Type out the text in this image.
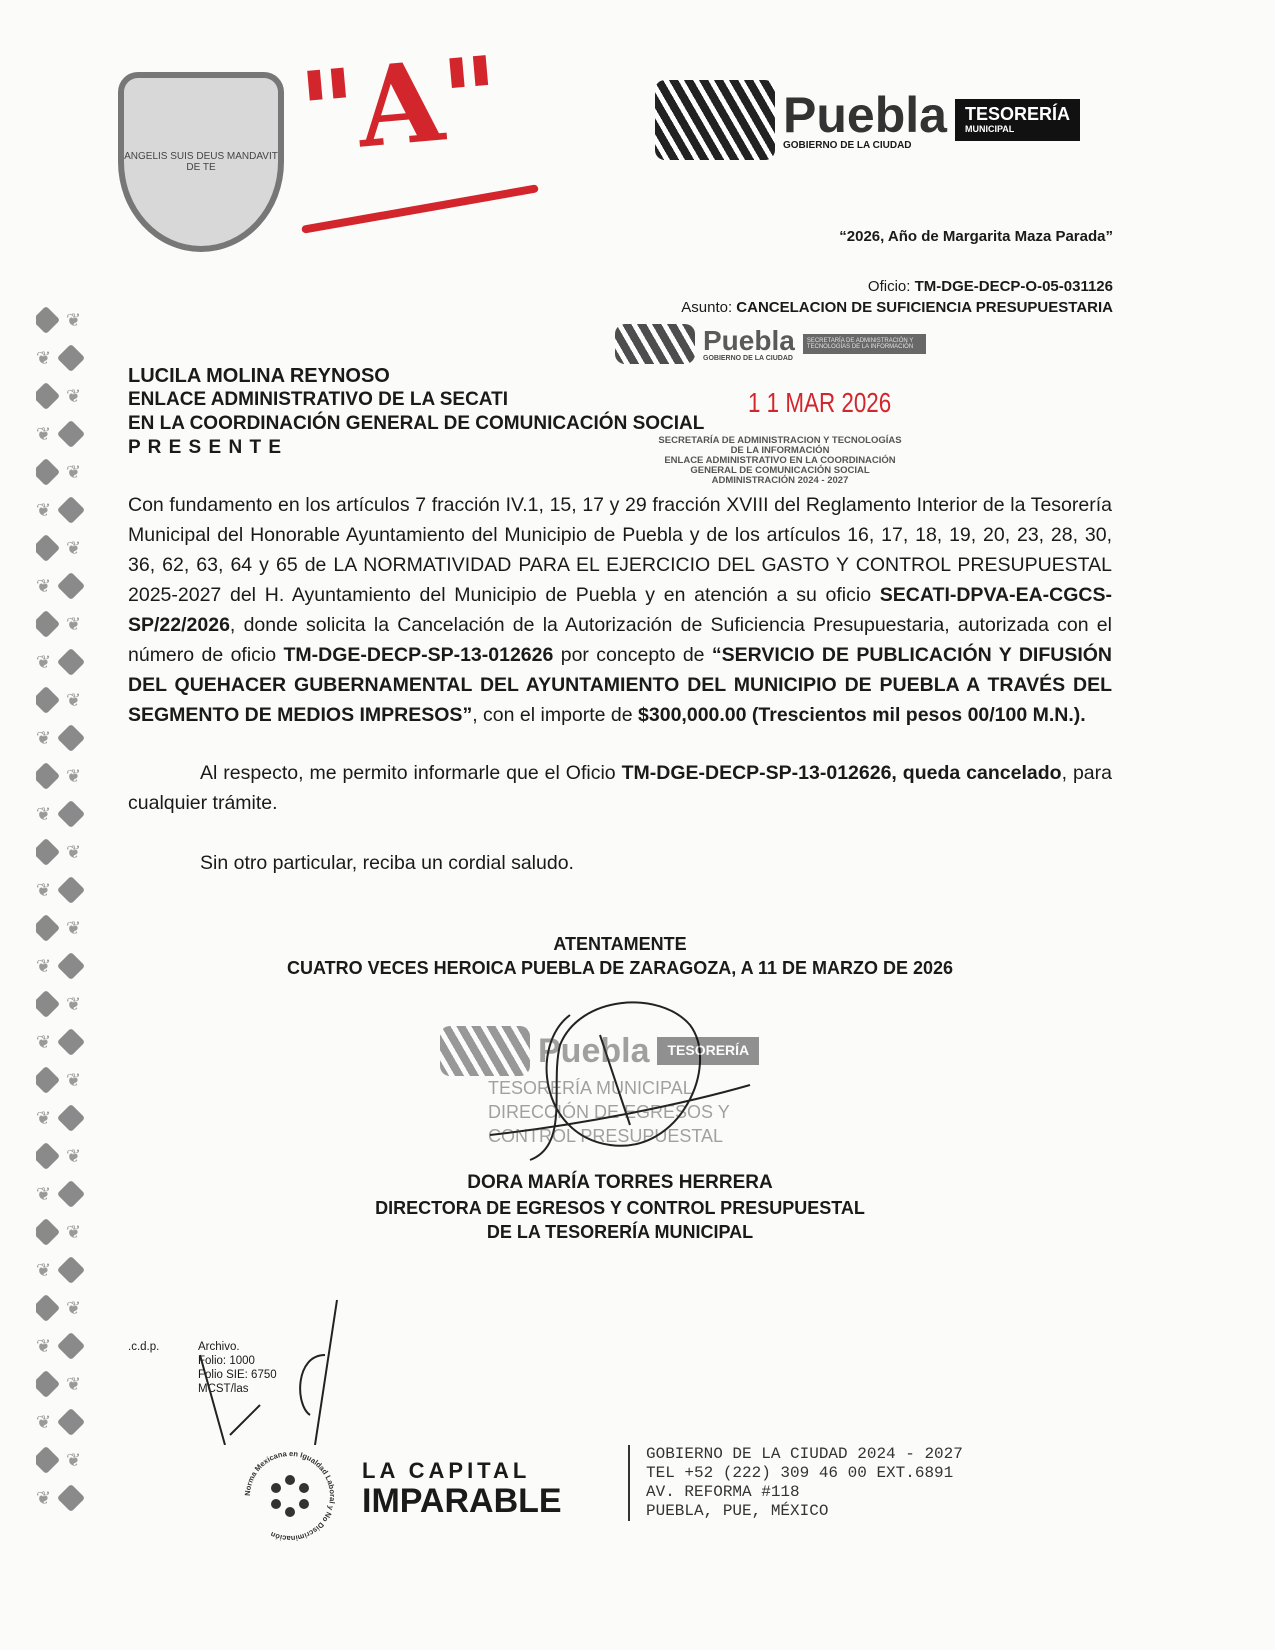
❦
❦
❦
❦
❦
❦
❦
❦
❦
❦
❦
❦
❦
❦
❦
❦
❦
❦
❦
❦
❦
❦
❦
❦
❦
❦
❦
❦
❦
❦
❦
❦
ANGELIS SUIS DEUS MANDAVIT DE TE "A"	Puebla
GOBIERNO DE LA CIUDAD
TESORERÍA
MUNICIPAL
“2026, Año de Margarita Maza Parada”
Oficio: TM-DGE-DECP-O-05-031126
Asunto: CANCELACION DE SUFICIENCIA PRESUPUESTARIA
Puebla
GOBIERNO DE LA CIUDAD
SECRETARÍA DE ADMINISTRACIÓN Y TECNOLOGÍAS DE LA INFORMACIÓN
LUCILA MOLINA REYNOSO
ENLACE ADMINISTRATIVO DE LA SECATI
EN LA COORDINACIÓN GENERAL DE COMUNICACIÓN SOCIAL
P R E S E N T E
1 1 MAR 2026
SECRETARÍA DE ADMINISTRACION Y TECNOLOGÍAS
DE LA INFORMACIÓN
ENLACE ADMINISTRATIVO EN LA COORDINACIÓN
GENERAL DE COMUNICACIÓN SOCIAL
ADMINISTRACIÓN 2024 - 2027

Con fundamento en los artículos 7 fracción IV.1, 15, 17 y 29 fracción XVIII del Reglamento Interior de la Tesorería Municipal del Honorable Ayuntamiento del Municipio de Puebla y de los artículos 16, 17, 18, 19, 20, 23, 28, 30, 36, 62, 63, 64 y 65 de LA NORMATIVIDAD PARA EL EJERCICIO DEL GASTO Y CONTROL PRESUPUESTAL 2025-2027 del H. Ayuntamiento del Municipio de Puebla y en atención a su oficio SECATI-DPVA-EA-CGCS-SP/22/2026, donde solicita la Cancelación de la Autorización de Suficiencia Presupuestaria, autorizada con el número de oficio TM-DGE-DECP-SP-13-012626 por concepto de “SERVICIO DE PUBLICACIÓN Y DIFUSIÓN DEL QUEHACER GUBERNAMENTAL DEL AYUNTAMIENTO DEL MUNICIPIO DE PUEBLA A TRAVÉS DEL SEGMENTO DE MEDIOS IMPRESOS”, con el importe de $300,000.00 (Trescientos mil pesos 00/100 M.N.).

Al respecto, me permito informarle que el Oficio TM-DGE-DECP-SP-13-012626, queda cancelado, para cualquier trámite.

Sin otro particular, reciba un cordial saludo.

ATENTAMENTE
CUATRO VECES HEROICA PUEBLA DE ZARAGOZA, A 11 DE MARZO DE 2026
Puebla	TESORERÍA
TESORERÍA MUNICIPAL
DIRECCIÓN DE EGRESOS Y
CONTROL PRESUPUESTAL
DORA MARÍA TORRES HERRERA
DIRECTORA DE EGRESOS Y CONTROL PRESUPUESTAL
DE LA TESORERÍA MUNICIPAL
.c.d.p.	Archivo.
Folio: 1000
Folio SIE: 6750
MCST/las
Norma Mexicana en Igualdad Laboral y No Discriminación
LA CAPITAL
IMPARABLE
GOBIERNO DE LA CIUDAD 2024 - 2027
TEL +52 (222) 309 46 00 EXT.6891
AV. REFORMA #118
PUEBLA, PUE, MÉXICO
